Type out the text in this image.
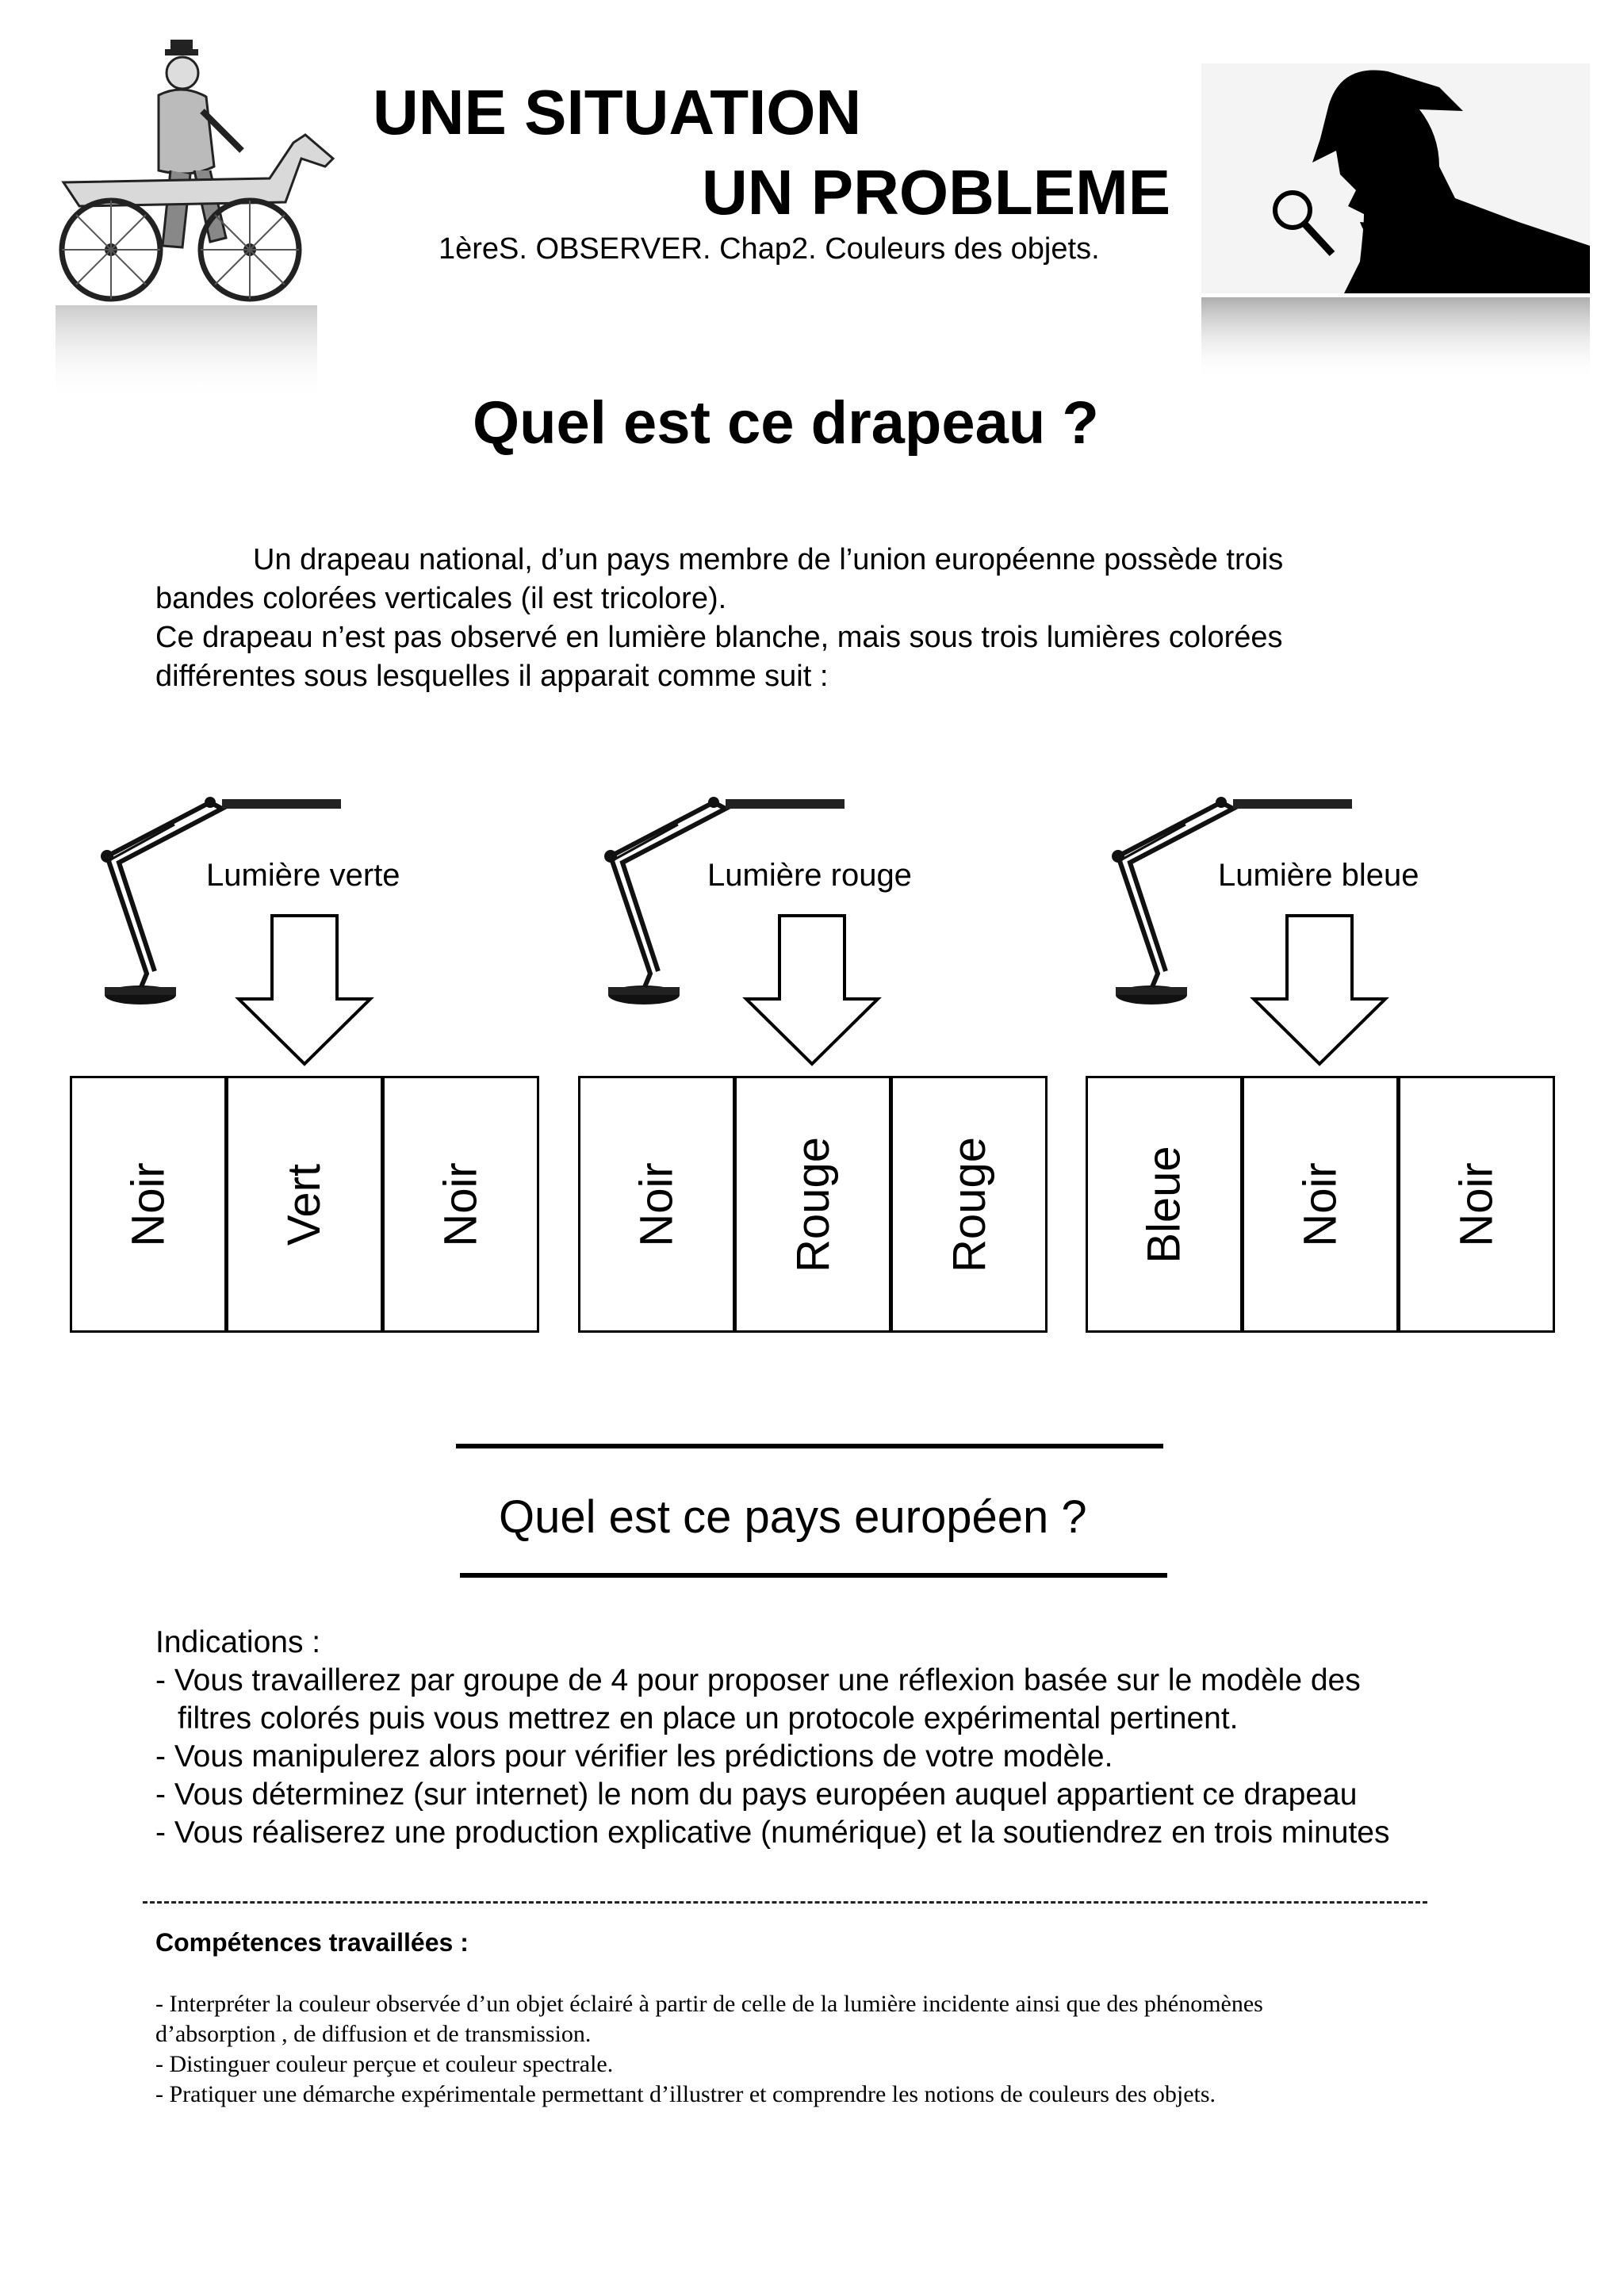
UNE SITUATION
UN PROBLEME
1èreS. OBSERVER. Chap2. Couleurs des objets.
Quel est ce drapeau ?

Un drapeau national, d’un pays membre de l’union européenne possède trois

bandes colorées verticales (il est tricolore).

Ce drapeau n’est pas observé en lumière blanche, mais sous trois lumières colorées

différentes sous lesquelles il apparait comme suit :

Lumière verte	Lumière rouge	Lumière bleue
Noir Vert Noir	Noir Rouge Rouge	Bleue Noir Noir
Quel est ce pays européen ?

Indications :

- Vous travaillerez par groupe de 4 pour proposer une réflexion basée sur le modèle des

filtres colorés puis vous mettrez en place un protocole expérimental pertinent.

- Vous manipulerez alors pour vérifier les prédictions de votre modèle.

- Vous déterminez (sur internet) le nom du pays européen auquel appartient ce drapeau

- Vous réaliserez une production explicative (numérique) et la soutiendrez en trois minutes

Compétences travaillées :

- Interpréter la couleur observée d’un objet éclairé à partir de celle de la lumière incidente ainsi que des phénomènes

d’absorption , de diffusion et de transmission.

- Distinguer couleur perçue et couleur spectrale.

- Pratiquer une démarche expérimentale permettant d’illustrer et comprendre les notions de couleurs des objets.
